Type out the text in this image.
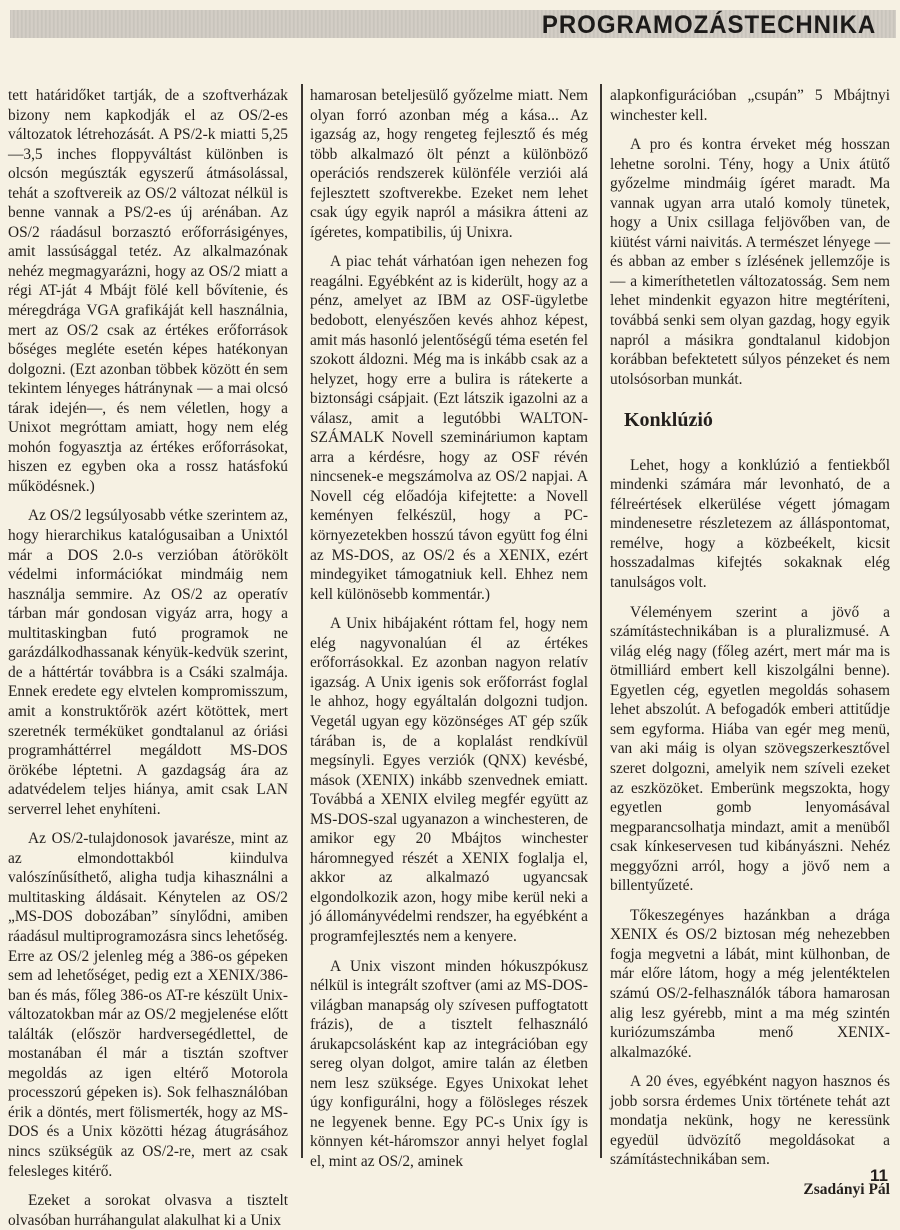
PROGRAMOZÁSTECHNIKA

tett határidőket tartják, de a szoftverházak bizony nem kapkodják el az OS/2-es változatok létrehozását. A PS/2-k miatti 5,25—3,5 inches floppyváltást különben is olcsón megúszták egyszerű átmásolással, tehát a szoftvereik az OS/2 változat nélkül is benne vannak a PS/2-es új arénában. Az OS/2 ráadásul borzasztó erőforrásigényes, amit lassúsággal tetéz. Az alkalmazónak nehéz megmagyarázni, hogy az OS/2 miatt a régi AT-ját 4 Mbájt fölé kell bővítenie, és méregdrága VGA grafikáját kell használnia, mert az OS/2 csak az értékes erőforrások bőséges megléte esetén képes hatékonyan dolgozni. (Ezt azonban többek között én sem tekintem lényeges hátránynak — a mai olcsó tárak idején—, és nem véletlen, hogy a Unixot megróttam amiatt, hogy nem elég mohón fogyasztja az értékes erőforrásokat, hiszen ez egyben oka a rossz hatásfokú működésnek.)

Az OS/2 legsúlyosabb vétke szerintem az, hogy hierarchikus katalógusaiban a Unixtól már a DOS 2.0-s verzióban átörökölt védelmi információkat mindmáig nem használja semmire. Az OS/2 az operatív tárban már gondosan vigyáz arra, hogy a multitaskingban futó programok ne garázdálkodhassanak kényük-kedvük szerint, de a háttértár továbbra is a Csáki szalmája. Ennek eredete egy elvtelen kompromisszum, amit a konstruktőrök azért kötöttek, mert szeretnék terméküket gondtalanul az óriási programháttérrel megáldott MS-DOS örökébe léptetni. A gazdagság ára az adatvédelem teljes hiánya, amit csak LAN serverrel lehet enyhíteni.

Az OS/2-tulajdonosok javarésze, mint az az elmondottakból kiindulva valószínűsíthető, aligha tudja kihasználni a multitasking áldásait. Kénytelen az OS/2 „MS-DOS dobozában” sínylődni, amiben ráadásul multiprogramozásra sincs lehetőség. Erre az OS/2 jelenleg még a 386-os gépeken sem ad lehetőséget, pedig ezt a XENIX/386-ban és más, főleg 386-os AT-re készült Unix-változatokban már az OS/2 megjelenése előtt találták (először hardversegédlettel, de mostanában él már a tisztán szoftver megoldás az igen eltérő Motorola processzorú gépeken is). Sok felhasználóban érik a döntés, mert fölismerték, hogy az MS-DOS és a Unix közötti hézag átugrásához nincs szükségük az OS/2-re, mert az csak felesleges kitérő.

Ezeket a sorokat olvasva a tisztelt olvasóban hurráhangulat alakulhat ki a Unix

hamarosan beteljesülő győzelme miatt. Nem olyan forró azonban még a kása... Az igazság az, hogy rengeteg fejlesztő és még több alkalmazó ölt pénzt a különböző operációs rendszerek különféle verziói alá fejlesztett szoftverekbe. Ezeket nem lehet csak úgy egyik napról a másikra átteni az ígéretes, kompatibilis, új Unixra.

A piac tehát várhatóan igen nehezen fog reagálni. Egyébként az is kiderült, hogy az a pénz, amelyet az IBM az OSF-ügyletbe bedobott, elenyészően kevés ahhoz képest, amit más hasonló jelentőségű téma esetén fel szokott áldozni. Még ma is inkább csak az a helyzet, hogy erre a bulira is rátekerte a biztonsági csápjait. (Ezt látszik igazolni az a válasz, amit a legutóbbi WALTON-SZÁMALK Novell szemináriumon kaptam arra a kérdésre, hogy az OSF révén nincsenek-e megszámolva az OS/2 napjai. A Novell cég előadója kifejtette: a Novell keményen felkészül, hogy a PC-környezetekben hosszú távon együtt fog élni az MS-DOS, az OS/2 és a XENIX, ezért mindegyiket támogatniuk kell. Ehhez nem kell különösebb kommentár.)

A Unix hibájaként róttam fel, hogy nem elég nagyvonalúan él az értékes erőforrásokkal. Ez azonban nagyon relatív igazság. A Unix igenis sok erőforrást foglal le ahhoz, hogy egyáltalán dolgozni tudjon. Vegetál ugyan egy közönséges AT gép szűk tárában is, de a koplalást rendkívül megsínyli. Egyes verziók (QNX) kevésbé, mások (XENIX) inkább szenvednek emiatt. Továbbá a XENIX elvileg megfér együtt az MS-DOS-szal ugyanazon a winchesteren, de amikor egy 20 Mbájtos winchester háromnegyed részét a XENIX foglalja el, akkor az alkalmazó ugyancsak elgondolkozik azon, hogy mibe kerül neki a jó állományvédelmi rendszer, ha egyébként a programfejlesztés nem a kenyere.

A Unix viszont minden hókuszpókusz nélkül is integrált szoftver (ami az MS-DOS-világban manapság oly szívesen puffogtatott frázis), de a tisztelt felhasználó árukapcsolásként kap az integrációban egy sereg olyan dolgot, amire talán az életben nem lesz szüksége. Egyes Unixokat lehet úgy konfigurálni, hogy a fölösleges részek ne legyenek benne. Egy PC-s Unix így is könnyen két-háromszor annyi helyet foglal el, mint az OS/2, aminek

alapkonfigurációban „csupán” 5 Mbájtnyi winchester kell.

A pro és kontra érveket még hosszan lehetne sorolni. Tény, hogy a Unix átütő győzelme mindmáig ígéret maradt. Ma vannak ugyan arra utaló komoly tünetek, hogy a Unix csillaga feljövőben van, de kiütést várni naivitás. A természet lényege — és abban az ember s ízlésének jellemzője is — a kimeríthetetlen változatosság. Sem nem lehet mindenkit egyazon hitre megtéríteni, továbbá senki sem olyan gazdag, hogy egyik napról a másikra gondtalanul kidobjon korábban befektetett súlyos pénzeket és nem utolsósorban munkát.

Konklúzió

Lehet, hogy a konklúzió a fentiekből mindenki számára már levonható, de a félreértések elkerülése végett jómagam mindenesetre részletezem az álláspontomat, remélve, hogy a közbeékelt, kicsit hosszadalmas kifejtés sokaknak elég tanulságos volt.

Véleményem szerint a jövő a számítástechnikában is a pluralizmusé. A világ elég nagy (főleg azért, mert már ma is ötmilliárd embert kell kiszolgálni benne). Egyetlen cég, egyetlen megoldás sohasem lehet abszolút. A befogadók emberi attitűdje sem egyforma. Hiába van egér meg menü, van aki máig is olyan szövegszerkesztővel szeret dolgozni, amelyik nem szíveli ezeket az eszközöket. Emberünk megszokta, hogy egyetlen gomb lenyomásával megparancsolhatja mindazt, amit a menüből csak kínkeservesen tud kibányászni. Nehéz meggyőzni arról, hogy a jövő nem a billentyűzeté.

Tőkeszegényes hazánkban a drága XENIX és OS/2 biztosan még nehezebben fogja megvetni a lábát, mint külhonban, de már előre látom, hogy a még jelentéktelen számú OS/2-felhasználók tábora hamarosan alig lesz gyérebb, mint a ma még szintén kuriózumszámba menő XENIX-alkalmazóké.

A 20 éves, egyébként nagyon hasznos és jobb sorsra érdemes Unix története tehát azt mondatja nekünk, hogy ne keressünk egyedül üdvözítő megoldásokat a számítástechnikában sem.

Zsadányi Pál
11
